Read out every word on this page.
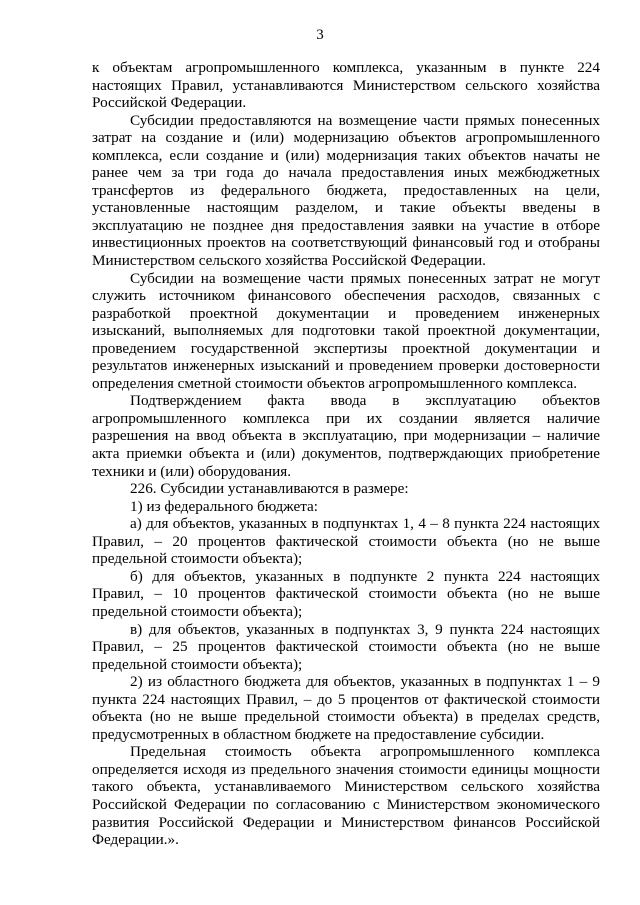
3

к объектам агропромышленного комплекса, указанным в пункте 224 настоящих Правил, устанавливаются Министерством сельского хозяйства Российской Федерации.

Субсидии предоставляются на возмещение части прямых понесенных затрат на создание и (или) модернизацию объектов агропромышленного комплекса, если создание и (или) модернизация таких объектов начаты не ранее чем за три года до начала предоставления иных межбюджетных трансфертов из федерального бюджета, предоставленных на цели, установленные настоящим разделом, и такие объекты введены в эксплуатацию не позднее дня предоставления заявки на участие в отборе инвестиционных проектов на соответствующий финансовый год и отобраны Министерством сельского хозяйства Российской Федерации.

Субсидии на возмещение части прямых понесенных затрат не могут служить источником финансового обеспечения расходов, связанных с разработкой проектной документации и проведением инженерных изысканий, выполняемых для подготовки такой проектной документации, проведением государственной экспертизы проектной документации и результатов инженерных изысканий и проведением проверки достоверности определения сметной стоимости объектов агропромышленного комплекса.

Подтверждением факта ввода в эксплуатацию объектов агропромышленного комплекса при их создании является наличие разрешения на ввод объекта в эксплуатацию, при модернизации – наличие акта приемки объекта и (или) документов, подтверждающих приобретение техники и (или) оборудования.

226. Субсидии устанавливаются в размере:

1) из федерального бюджета:

а) для объектов, указанных в подпунктах 1, 4 – 8 пункта 224 настоящих Правил, – 20 процентов фактической стоимости объекта (но не выше предельной стоимости объекта);

б) для объектов, указанных в подпункте 2 пункта 224 настоящих Правил, – 10 процентов фактической стоимости объекта (но не выше предельной стоимости объекта);

в) для объектов, указанных в подпунктах 3, 9 пункта 224 настоящих Правил, – 25 процентов фактической стоимости объекта (но не выше предельной стоимости объекта);

2) из областного бюджета для объектов, указанных в подпунктах 1 – 9 пункта 224 настоящих Правил, – до 5 процентов от фактической стоимости объекта (но не выше предельной стоимости объекта) в пределах средств, предусмотренных в областном бюджете на предоставление субсидии.

Предельная стоимость объекта агропромышленного комплекса определяется исходя из предельного значения стоимости единицы мощности такого объекта, устанавливаемого Министерством сельского хозяйства Российской Федерации по согласованию с Министерством экономического развития Российской Федерации и Министерством финансов Российской Федерации.».
